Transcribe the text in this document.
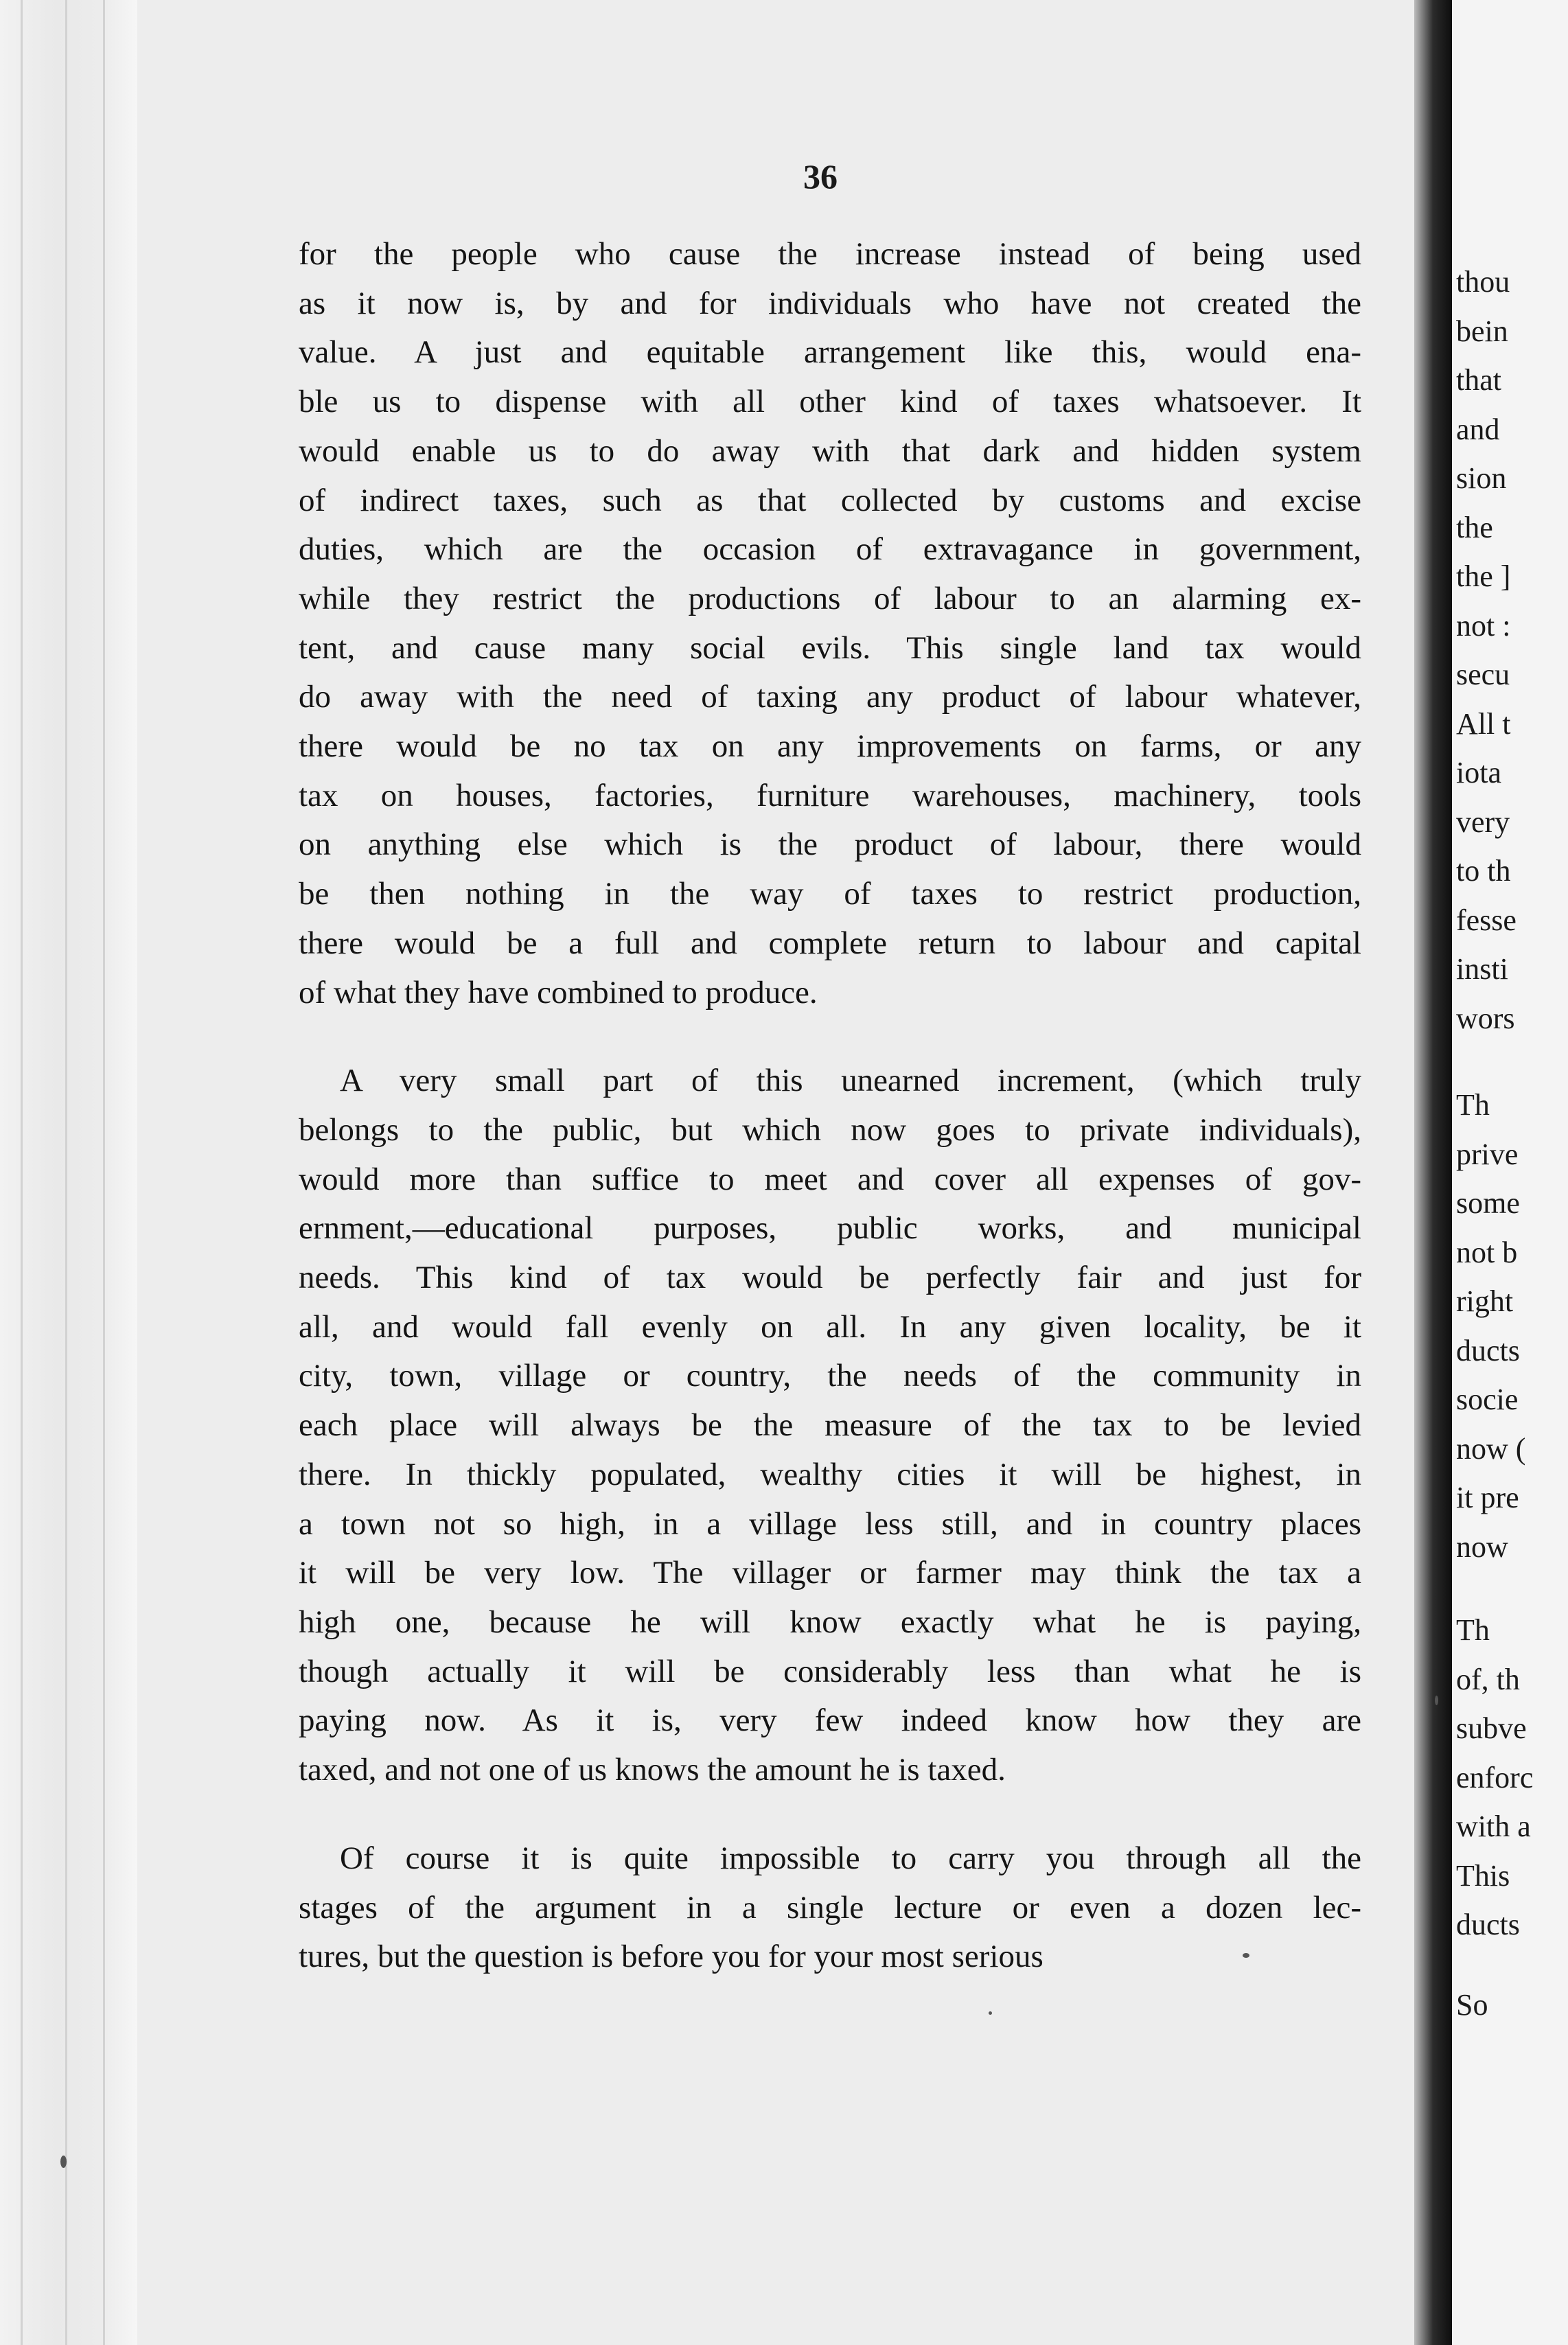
36

for the people who cause the increase instead of being used
as it now is, by and for individuals who have not created the
value. A just and equitable arrangement like this, would ena-
ble us to dispense with all other kind of taxes whatsoever. It
would enable us to do away with that dark and hidden system
of indirect taxes, such as that collected by customs and excise
duties, which are the occasion of extravagance in government,
while they restrict the productions of labour to an alarming ex-
tent, and cause many social evils. This single land tax would
do away with the need of taxing any product of labour whatever,
there would be no tax on any improvements on farms, or any
tax on houses, factories, furniture warehouses, machinery, tools
on anything else which is the product of labour, there would
be then nothing in the way of taxes to restrict production,
there would be a full and complete return to labour and capital
of what they have combined to produce.

A very small part of this unearned increment, (which truly
belongs to the public, but which now goes to private individuals),
would more than suffice to meet and cover all expenses of gov-
ernment,—educational purposes, public works, and municipal
needs. This kind of tax would be perfectly fair and just for
all, and would fall evenly on all. In any given locality, be it
city, town, village or country, the needs of the community in
each place will always be the measure of the tax to be levied
there. In thickly populated, wealthy cities it will be highest, in
a town not so high, in a village less still, and in country places
it will be very low. The villager or farmer may think the tax a
high one, because he will know exactly what he is paying,
though actually it will be considerably less than what he is
paying now. As it is, very few indeed know how they are
taxed, and not one of us knows the amount he is taxed.

Of course it is quite impossible to carry you through all the
stages of the argument in a single lecture or even a dozen lec-
tures, but the question is before you for your most serious

thou
bein
that
and
sion
the
the ]
not :
secu
All t
iota
very
to th
fesse
insti
wors
Th
prive
some
not b
right
ducts
socie
now (
it pre
now
Th
of, th
subve
enforc
with a
This
ducts
So
